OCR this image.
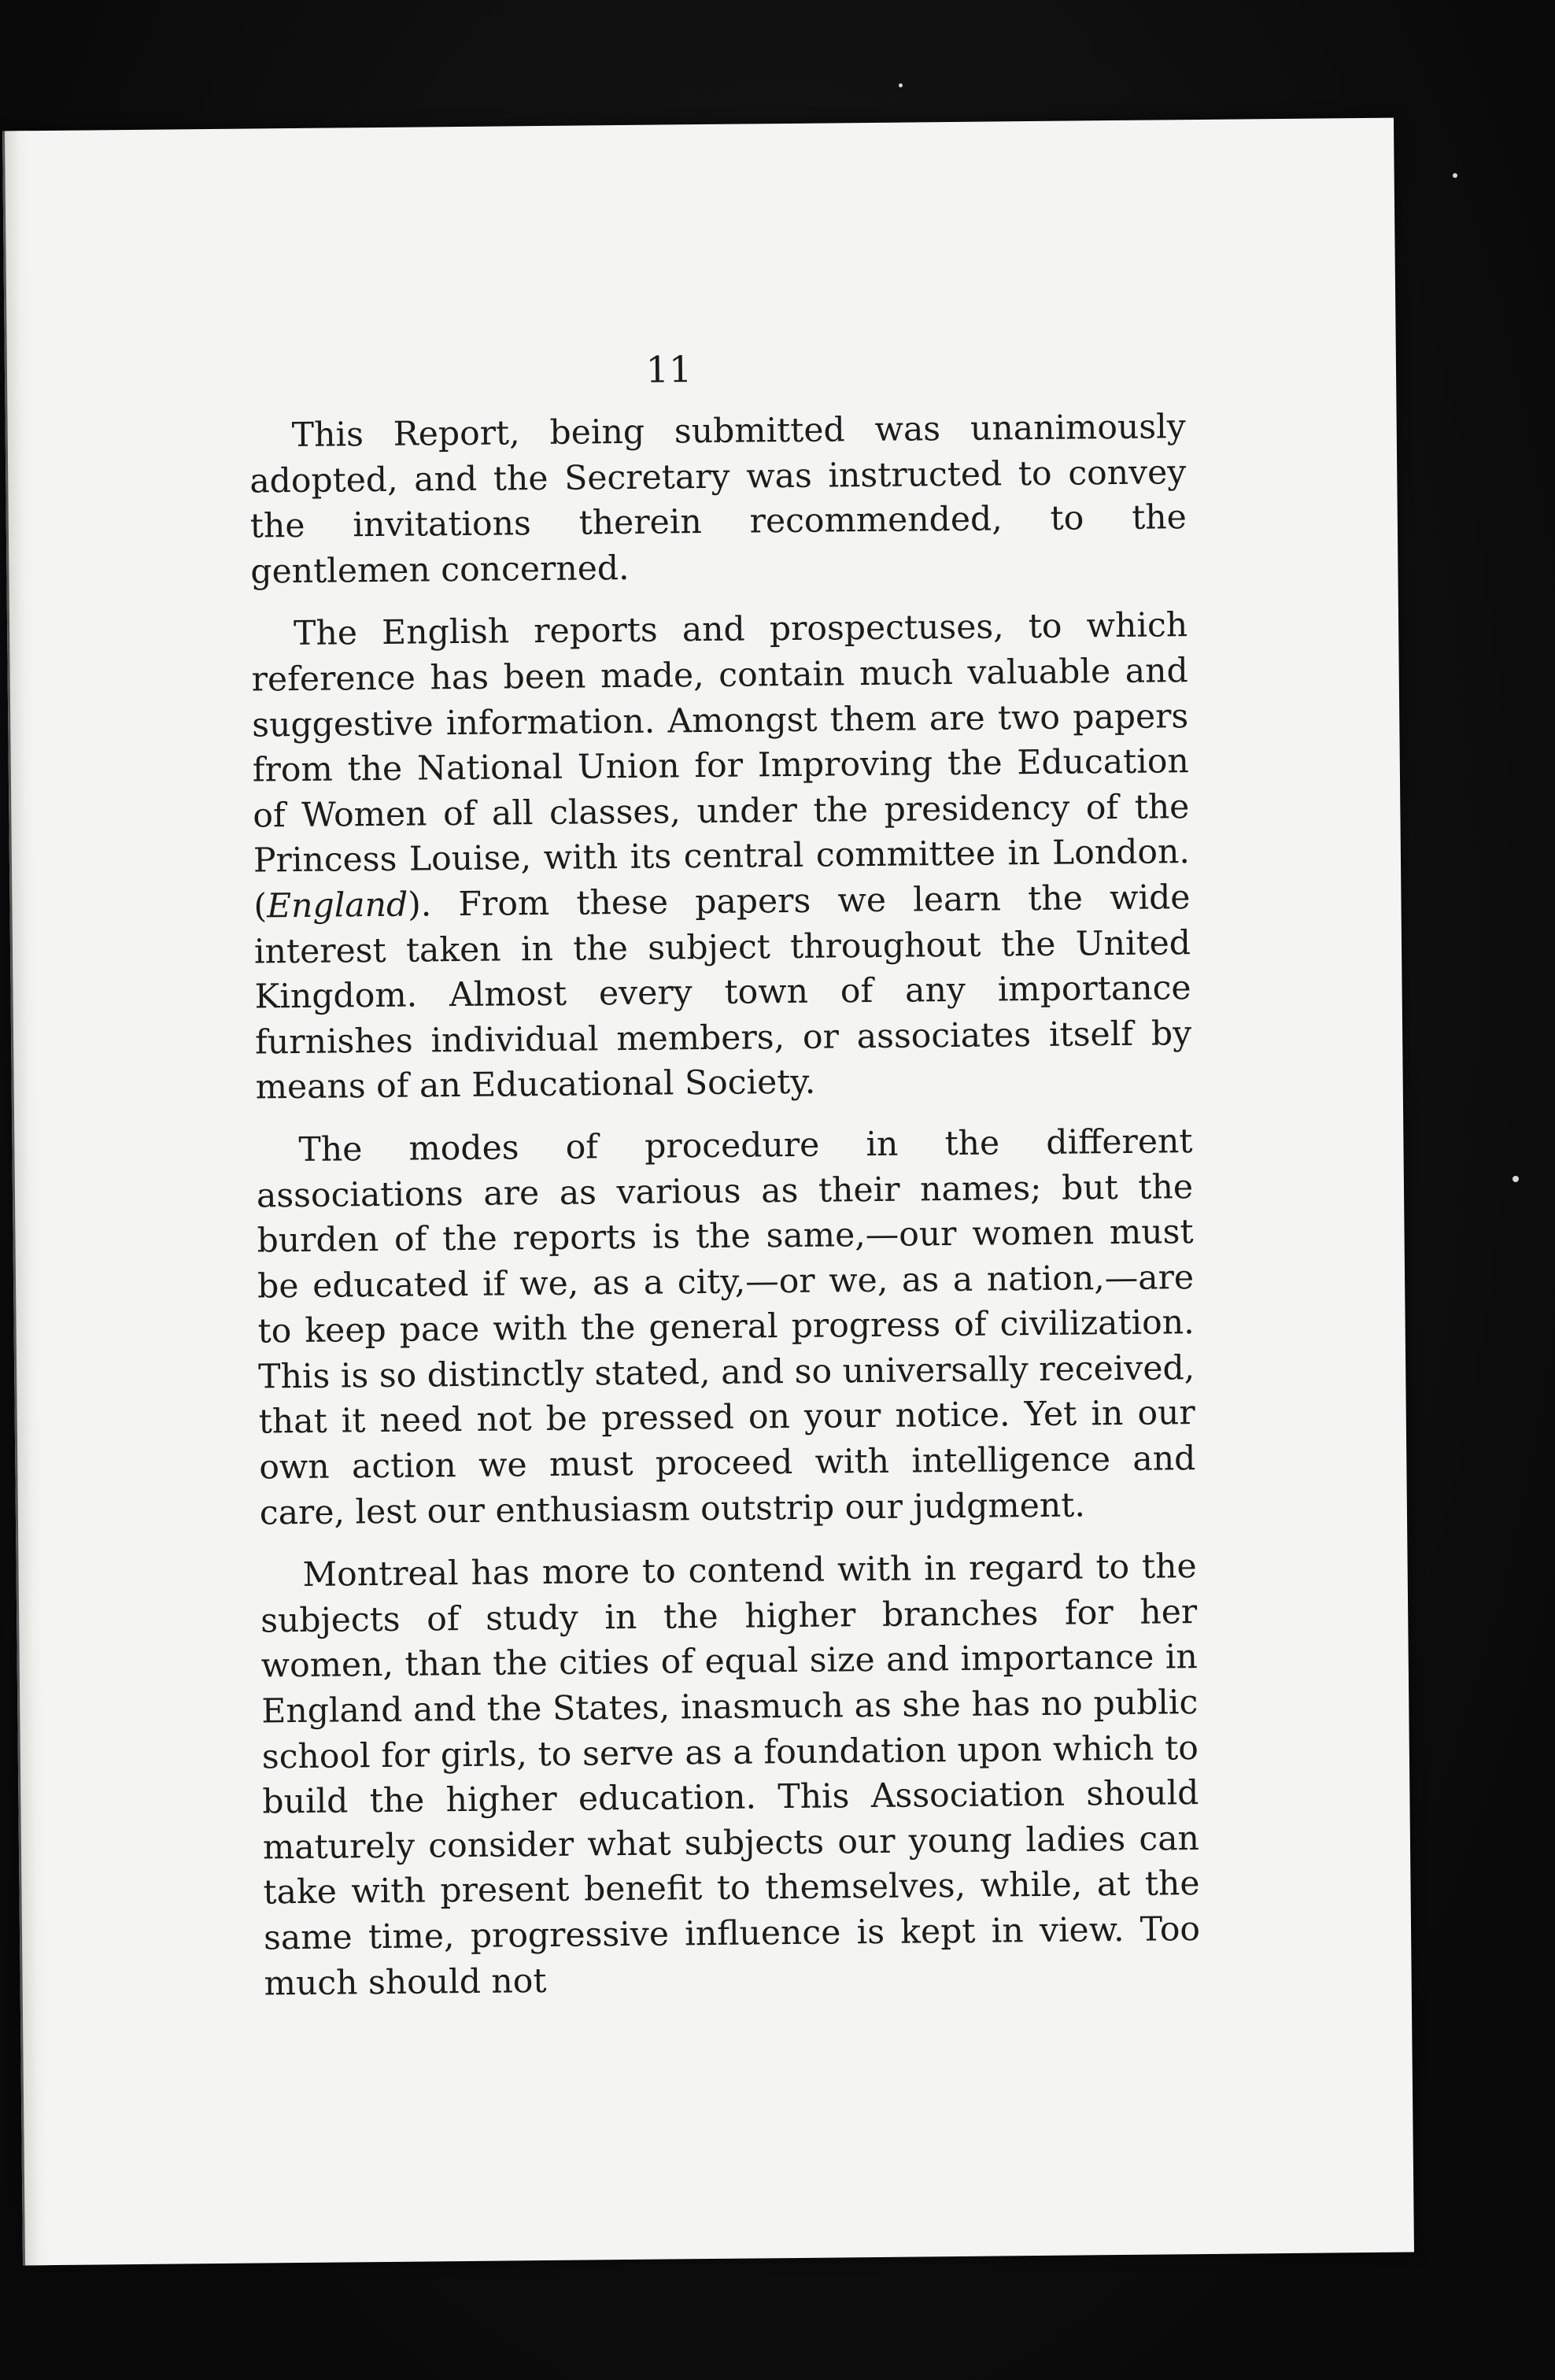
11

This Report, being submitted was unanimously adopted, and the Secretary was instructed to convey the invitations therein recommended, to the gentlemen concerned.

The English reports and prospectuses, to which reference has been made, contain much valuable and suggestive information. Amongst them are two papers from the National Union for Improving the Education of Women of all classes, under the presidency of the Princess Louise, with its central committee in London. (England). From these papers we learn the wide interest taken in the subject throughout the United Kingdom. Almost every town of any importance furnishes individual members, or associates itself by means of an Educational Society.

The modes of procedure in the different associations are as various as their names; but the burden of the reports is the same,—our women must be educated if we, as a city,—or we, as a nation,—are to keep pace with the general progress of civilization. This is so distinctly stated, and so universally received, that it need not be pressed on your notice. Yet in our own action we must proceed with intelligence and care, lest our enthusiasm outstrip our judgment.

Montreal has more to contend with in regard to the subjects of study in the higher branches for her women, than the cities of equal size and importance in England and the States, inasmuch as she has no public school for girls, to serve as a foundation upon which to build the higher education. This Association should maturely consider what subjects our young ladies can take with present benefit to themselves, while, at the same time, progressive influence is kept in view. Too much should not
